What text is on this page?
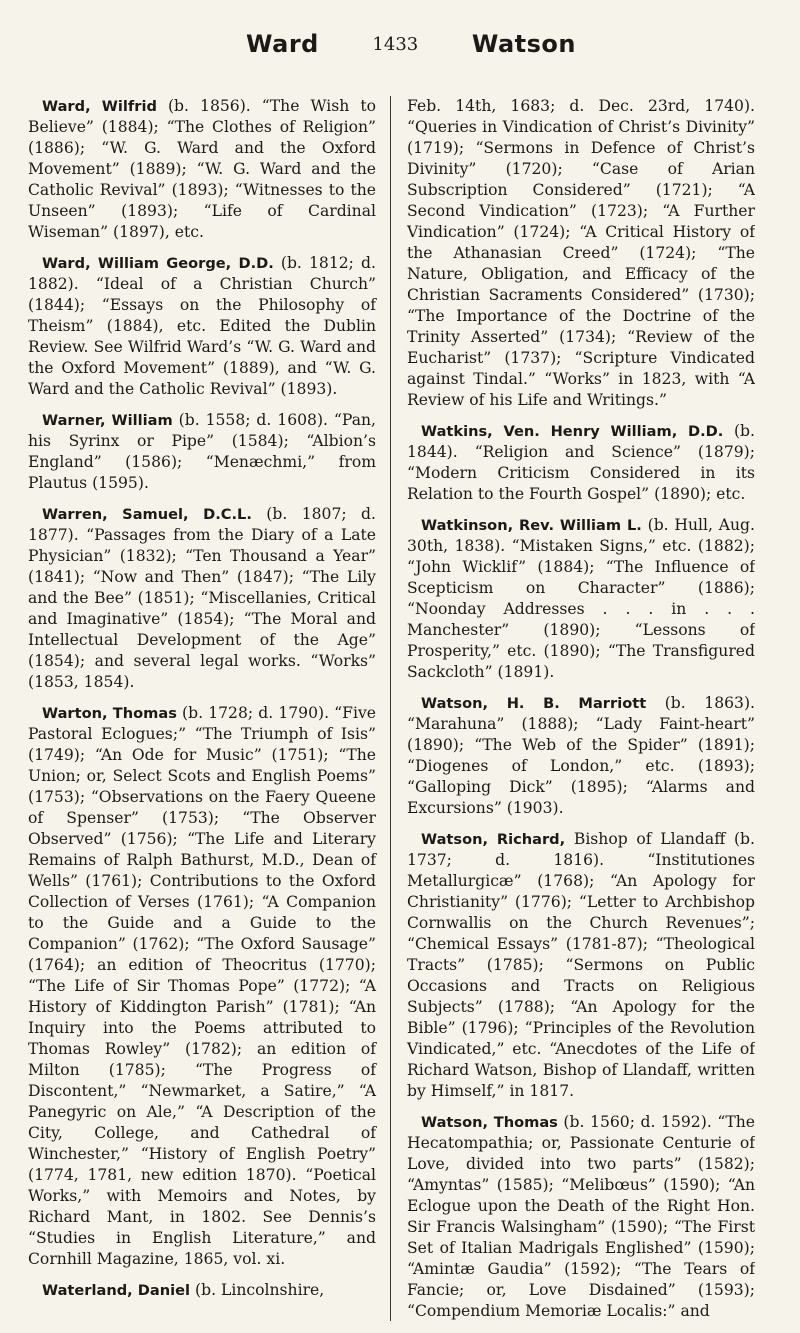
Ward	1433 Watson

Ward, Wilfrid (b. 1856). “The Wish to Believe” (1884); “The Clothes of Religion” (1886); “W. G. Ward and the Oxford Movement” (1889); “W. G. Ward and the Catholic Revival” (1893); “Witnesses to the Unseen” (1893); “Life of Cardinal Wiseman” (1897), etc.

Ward, William George, D.D. (b. 1812; d. 1882). “Ideal of a Christian Church” (1844); “Essays on the Philosophy of Theism” (1884), etc. Edited the Dublin Review. See Wilfrid Ward’s “W. G. Ward and the Oxford Movement” (1889), and “W. G. Ward and the Catholic Revival” (1893).

Warner, William (b. 1558; d. 1608). “Pan, his Syrinx or Pipe” (1584); “Albion’s England” (1586); “Menæchmi,” from Plautus (1595).

Warren, Samuel, D.C.L. (b. 1807; d. 1877). “Passages from the Diary of a Late Physician” (1832); “Ten Thousand a Year” (1841); “Now and Then” (1847); “The Lily and the Bee” (1851); “Miscellanies, Critical and Imaginative” (1854); “The Moral and Intellectual Development of the Age” (1854); and several legal works. “Works” (1853, 1854).

Warton, Thomas (b. 1728; d. 1790). “Five Pastoral Eclogues;” “The Triumph of Isis” (1749); “An Ode for Music” (1751); “The Union; or, Select Scots and English Poems” (1753); “Observations on the Faery Queene of Spenser” (1753); “The Observer Observed” (1756); “The Life and Literary Remains of Ralph Bathurst, M.D., Dean of Wells” (1761); Contributions to the Oxford Collection of Verses (1761); “A Companion to the Guide and a Guide to the Companion” (1762); “The Oxford Sausage” (1764); an edition of Theocritus (1770); “The Life of Sir Thomas Pope” (1772); “A History of Kiddington Parish” (1781); “An Inquiry into the Poems attributed to Thomas Rowley” (1782); an edition of Milton (1785); “The Progress of Discontent,” “Newmarket, a Satire,” “A Panegyric on Ale,” “A Description of the City, College, and Cathedral of Winchester,” “History of English Poetry” (1774, 1781, new edition 1870). “Poetical Works,” with Memoirs and Notes, by Richard Mant, in 1802. See Dennis’s “Studies in English Literature,” and Cornhill Magazine, 1865, vol. xi.

Waterland, Daniel (b. Lincolnshire,

Feb. 14th, 1683; d. Dec. 23rd, 1740). “Queries in Vindication of Christ’s Divinity” (1719); “Sermons in Defence of Christ’s Divinity” (1720); “Case of Arian Subscription Considered” (1721); “A Second Vindication” (1723); “A Further Vindication” (1724); “A Critical History of the Athanasian Creed” (1724); “The Nature, Obligation, and Efficacy of the Christian Sacraments Considered” (1730); “The Importance of the Doctrine of the Trinity Asserted” (1734); “Review of the Eucharist” (1737); “Scripture Vindicated against Tindal.” “Works” in 1823, with “A Review of his Life and Writings.”

Watkins, Ven. Henry William, D.D. (b. 1844). “Religion and Science” (1879); “Modern Criticism Considered in its Relation to the Fourth Gospel” (1890); etc.

Watkinson, Rev. William L. (b. Hull, Aug. 30th, 1838). “Mistaken Signs,” etc. (1882); “John Wicklif” (1884); “The Influence of Scepticism on Character” (1886); “Noonday Addresses . . . in . . . Manchester” (1890); “Lessons of Prosperity,” etc. (1890); “The Transfigured Sackcloth” (1891).

Watson, H. B. Marriott (b. 1863). “Marahuna” (1888); “Lady Faint-heart” (1890); “The Web of the Spider” (1891); “Diogenes of London,” etc. (1893); “Galloping Dick” (1895); “Alarms and Excursions” (1903).

Watson, Richard, Bishop of Llandaff (b. 1737; d. 1816). “Institutiones Metallurgicæ” (1768); “An Apology for Christianity” (1776); “Letter to Archbishop Cornwallis on the Church Revenues”; “Chemical Essays” (1781-87); “Theological Tracts” (1785); “Sermons on Public Occasions and Tracts on Religious Subjects” (1788); “An Apology for the Bible” (1796); “Principles of the Revolution Vindicated,” etc. “Anecdotes of the Life of Richard Watson, Bishop of Llandaff, written by Himself,” in 1817.

Watson, Thomas (b. 1560; d. 1592). “The Hecatompathia; or, Passionate Centurie of Love, divided into two parts” (1582); “Amyntas” (1585); “Melibœus” (1590); “An Eclogue upon the Death of the Right Hon. Sir Francis Walsingham” (1590); “The First Set of Italian Madrigals Englished” (1590); “Amintæ Gaudia” (1592); “The Tears of Fancie; or, Love Disdained” (1593); “Compendium Memoriæ Localis:” and
